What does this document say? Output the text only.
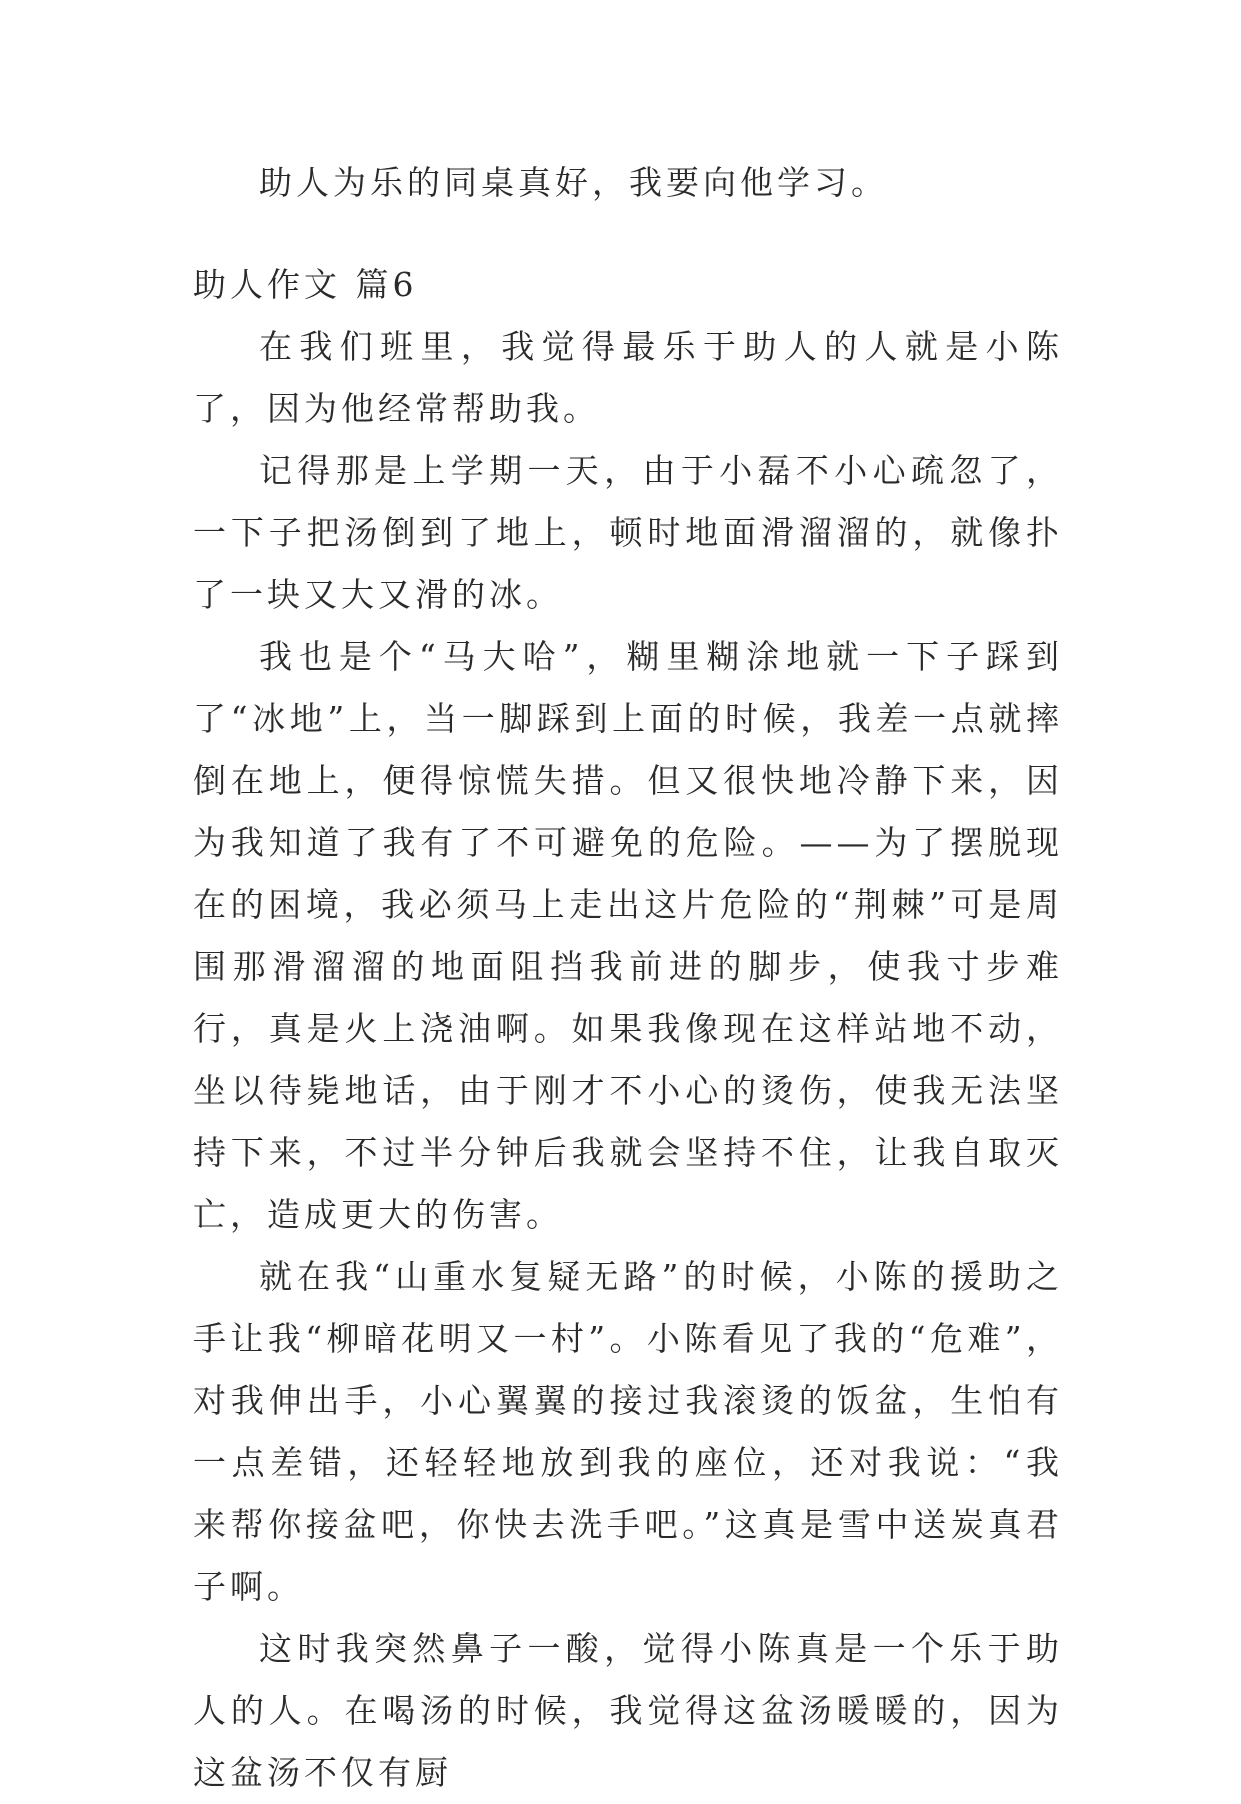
助人为乐的同桌真好，我要向他学习。

助人作文 篇6

在我们班里，我觉得最乐于助人的人就是小陈了，因为他经常帮助我。

记得那是上学期一天，由于小磊不小心疏忽了，一下子把汤倒到了地上，顿时地面滑溜溜的，就像扑了一块又大又滑的冰。

我也是个“马大哈”，糊里糊涂地就一下子踩到了“冰地”上，当一脚踩到上面的时候，我差一点就摔倒在地上，便得惊慌失措。但又很快地冷静下来，因为我知道了我有了不可避免的危险。——为了摆脱现在的困境，我必须马上走出这片危险的“荆棘”可是周围那滑溜溜的地面阻挡我前进的脚步，使我寸步难行，真是火上浇油啊。如果我像现在这样站地不动，坐以待毙地话，由于刚才不小心的烫伤，使我无法坚持下来，不过半分钟后我就会坚持不住，让我自取灭亡，造成更大的伤害。

就在我“山重水复疑无路”的时候，小陈的援助之手让我“柳暗花明又一村”。小陈看见了我的“危难”，对我伸出手，小心翼翼的接过我滚烫的饭盆，生怕有一点差错，还轻轻地放到我的座位，还对我说：“我来帮你接盆吧，你快去洗手吧。”这真是雪中送炭真君子啊。

这时我突然鼻子一酸，觉得小陈真是一个乐于助人的人。在喝汤的时候，我觉得这盆汤暖暖的，因为这盆汤不仅有厨
